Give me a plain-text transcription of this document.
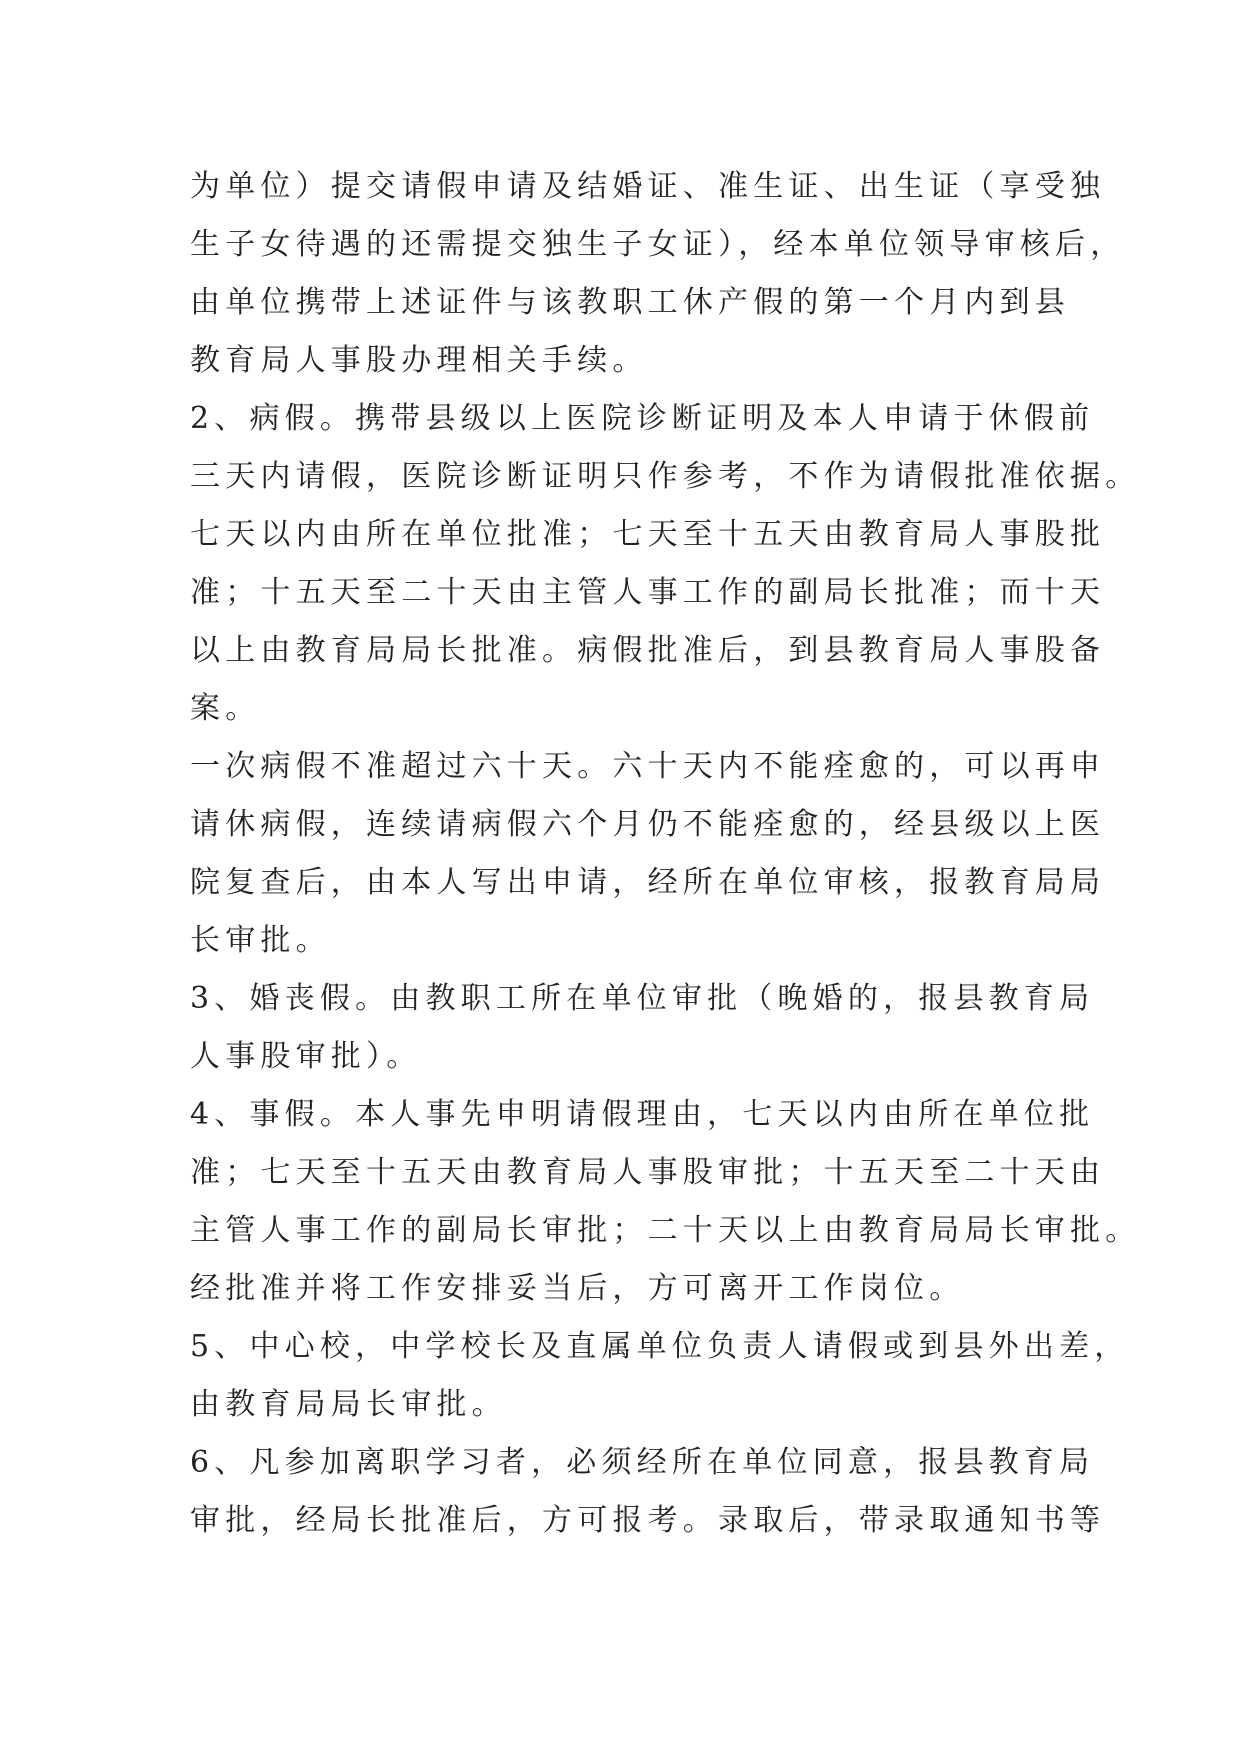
为单位）提交请假申请及结婚证、准生证、出生证（享受独
生子女待遇的还需提交独生子女证），经本单位领导审核后，
由单位携带上述证件与该教职工休产假的第一个月内到县
教育局人事股办理相关手续。
2、病假。携带县级以上医院诊断证明及本人申请于休假前
三天内请假，医院诊断证明只作参考，不作为请假批准依据。
七天以内由所在单位批准；七天至十五天由教育局人事股批
准；十五天至二十天由主管人事工作的副局长批准；而十天
以上由教育局局长批准。病假批准后，到县教育局人事股备
案。
一次病假不准超过六十天。六十天内不能痊愈的，可以再申
请休病假，连续请病假六个月仍不能痊愈的，经县级以上医
院复查后，由本人写出申请，经所在单位审核，报教育局局
长审批。
3、婚丧假。由教职工所在单位审批（晚婚的，报县教育局
人事股审批）。
4、事假。本人事先申明请假理由，七天以内由所在单位批
准；七天至十五天由教育局人事股审批；十五天至二十天由
主管人事工作的副局长审批；二十天以上由教育局局长审批。
经批准并将工作安排妥当后，方可离开工作岗位。
5、中心校，中学校长及直属单位负责人请假或到县外出差，
由教育局局长审批。
6、凡参加离职学习者，必须经所在单位同意，报县教育局
审批，经局长批准后，方可报考。录取后，带录取通知书等
